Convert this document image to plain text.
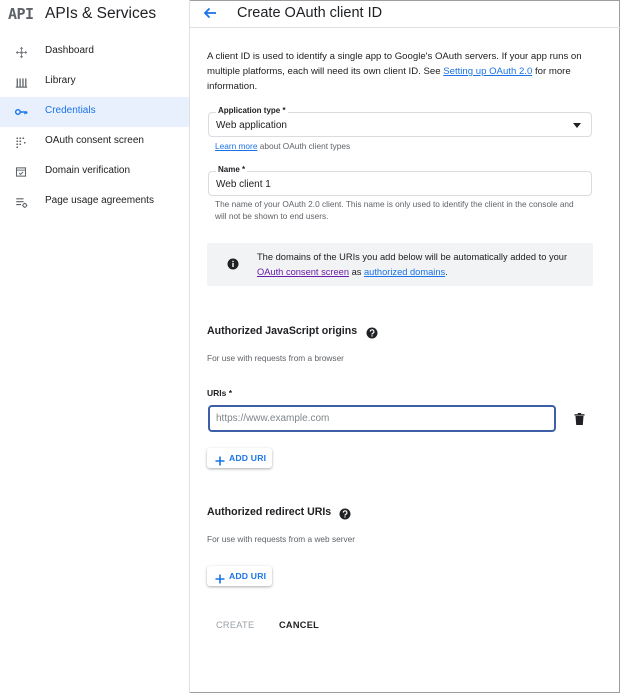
API APIs & Services
Dashboard
Library
Credentials
OAuth consent screen
Domain verification
Page usage agreements
Create OAuth client ID

A client ID is used to identify a single app to Google's OAuth servers. If your app runs on multiple platforms, each will need its own client ID. See Setting up OAuth 2.0 for more information.

Application type *
Web application

Learn more about OAuth client types

Name *
Web client 1

The name of your OAuth 2.0 client. This name is only used to identify the client in the console and will not be shown to end users.

The domains of the URIs you add below will be automatically added to your OAuth consent screen as authorized domains.

Authorized JavaScript origins
For use with requests from a browser
URIs *
https://www.example.com
ADD URI
Authorized redirect URIs
For use with requests from a web server
ADD URI
CREATE	CANCEL
